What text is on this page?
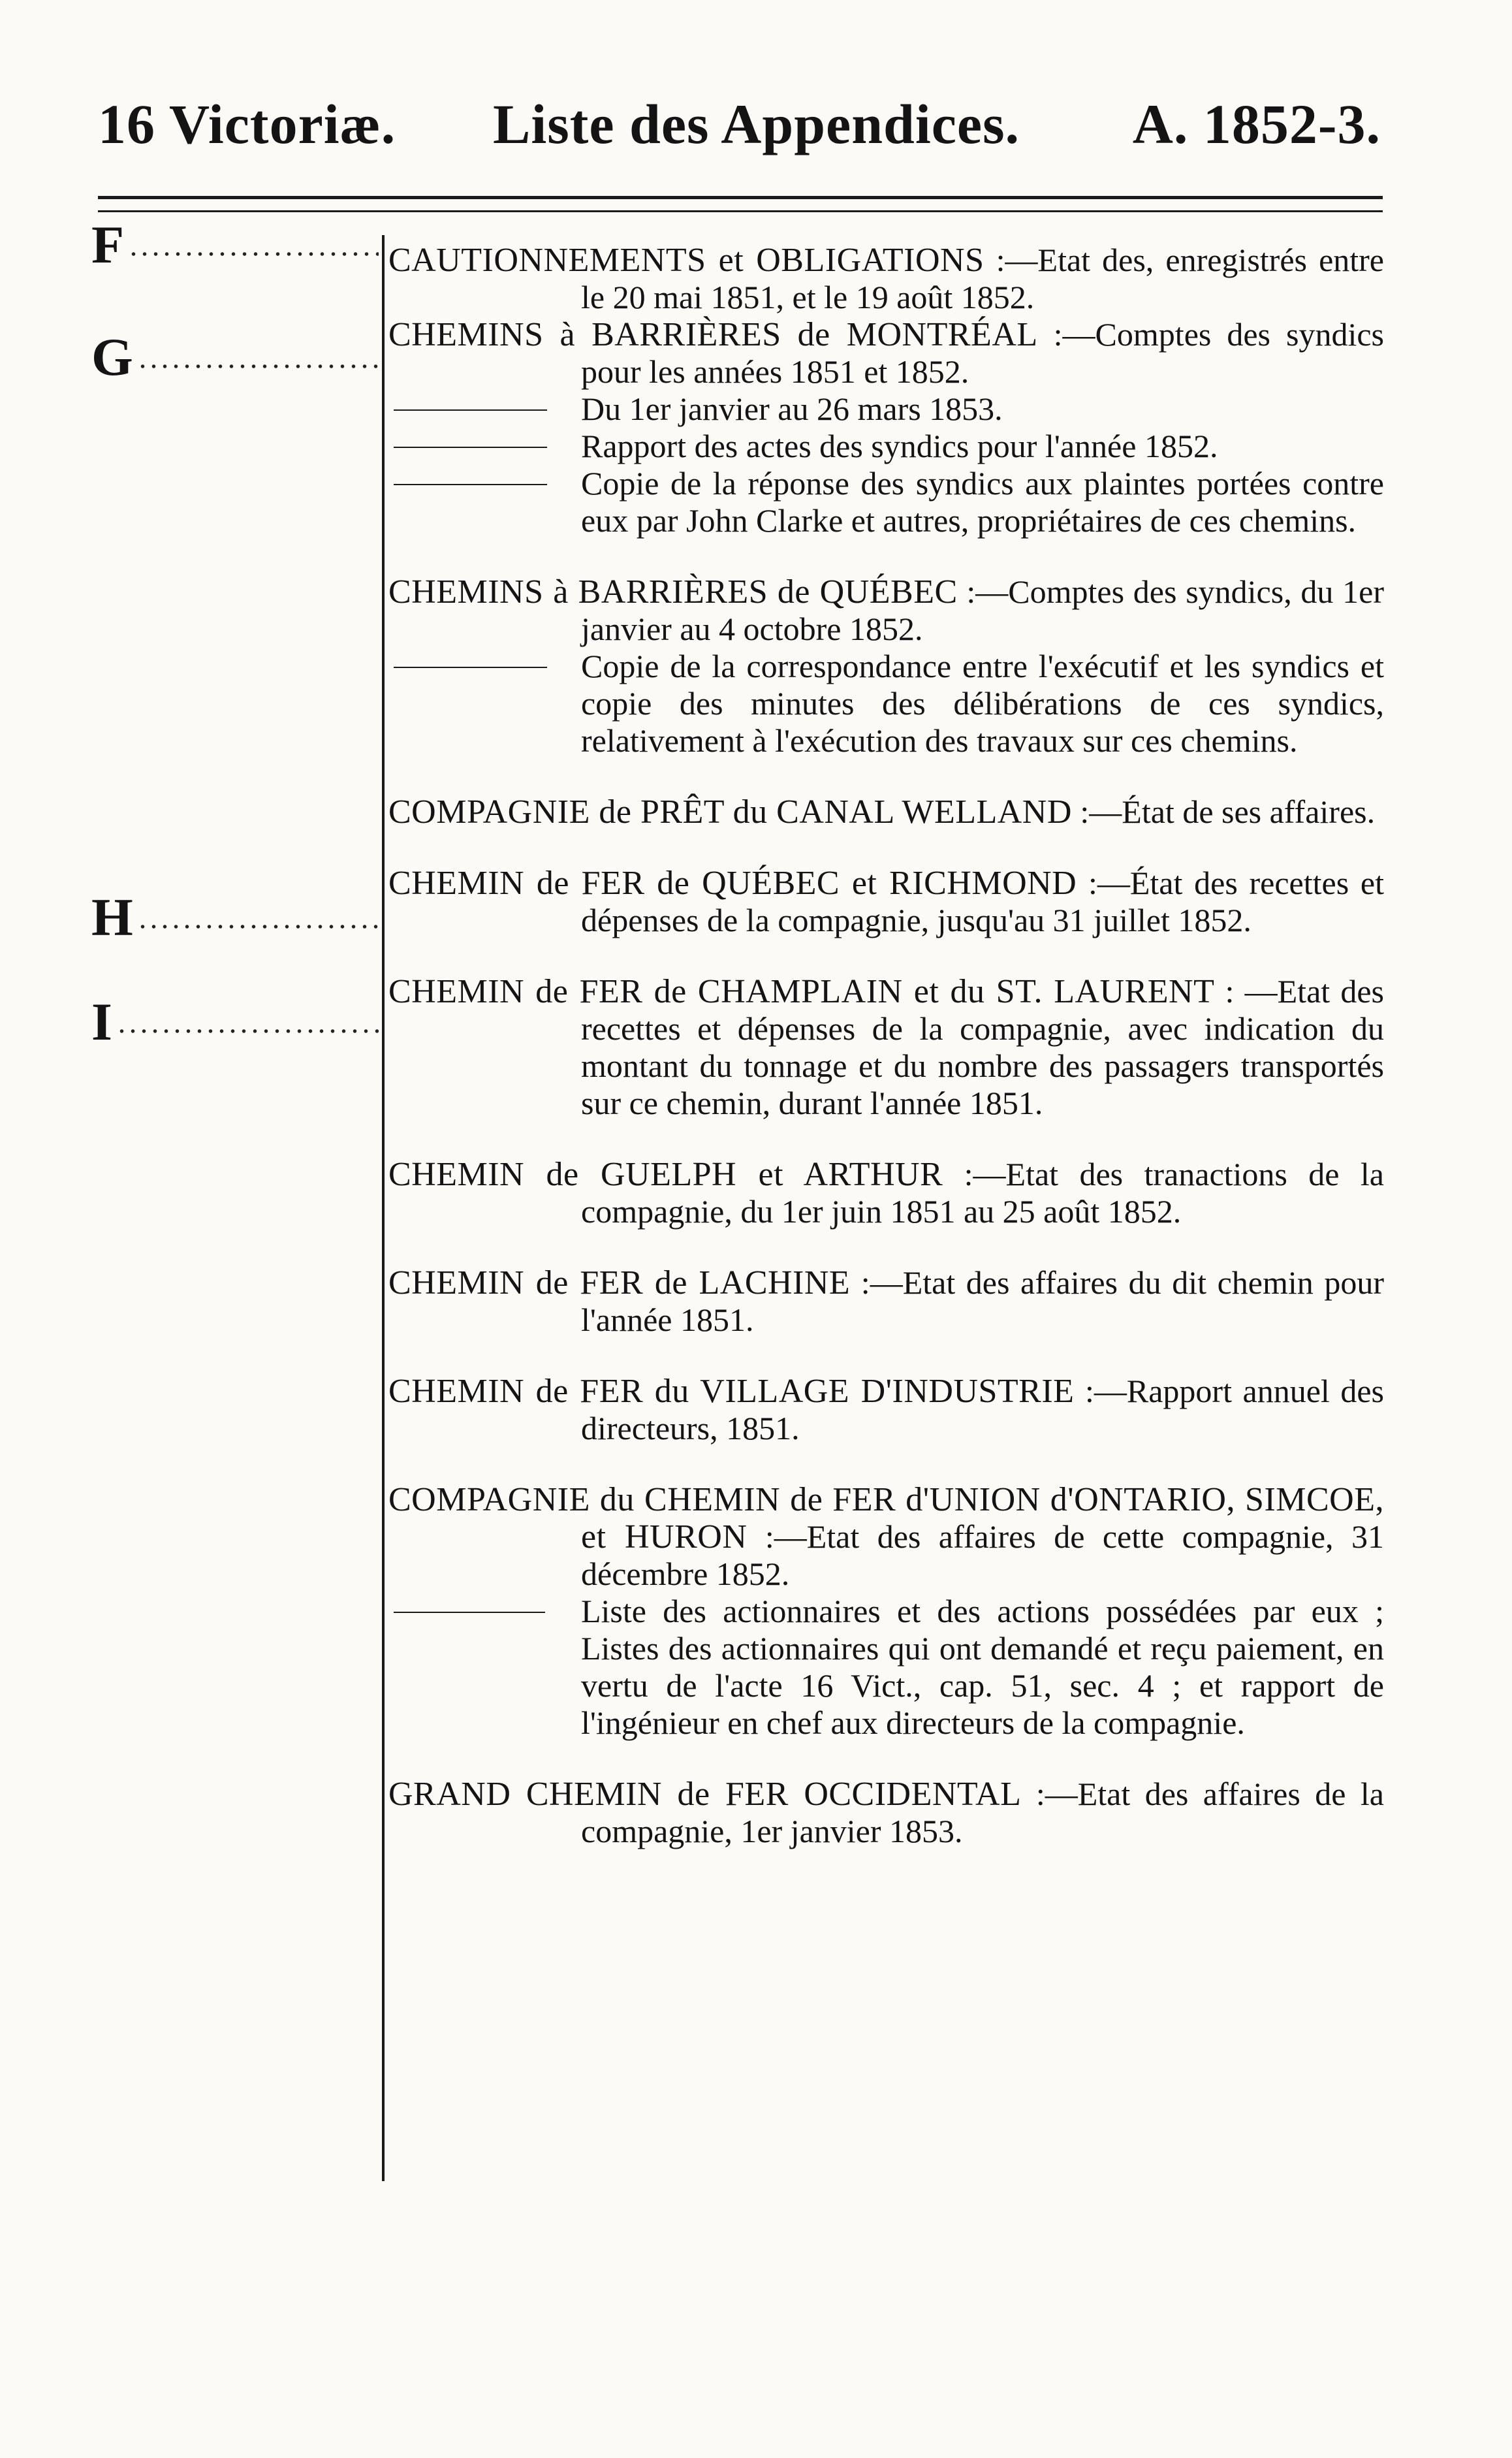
16 Victoriæ. Liste des Appendices. A. 1852-3.
F
G
H
I

CAUTIONNEMENTS et OBLIGATIONS :—Etat des, enregistrés entre le 20 mai 1851, et le 19 août 1852.

CHEMINS à BARRIÈRES de MONTRÉAL :—Comptes des syndics pour les années 1851 et 1852.

Du 1er janvier au 26 mars 1853.

Rapport des actes des syndics pour l'année 1852.

Copie de la réponse des syndics aux plaintes portées contre eux par John Clarke et autres, propriétaires de ces chemins.

CHEMINS à BARRIÈRES de QUÉBEC :—Comptes des syndics, du 1er janvier au 4 octobre 1852.

Copie de la correspondance entre l'exécutif et les syndics et copie des minutes des délibérations de ces syndics, relativement à l'exécution des travaux sur ces chemins.

COMPAGNIE de PRÊT du CANAL WELLAND :—État de ses affaires.

CHEMIN de FER de QUÉBEC et RICHMOND :—État des recettes et dépenses de la compagnie, jusqu'au 31 juillet 1852.

CHEMIN de FER de CHAMPLAIN et du ST. LAURENT : —Etat des recettes et dépenses de la compagnie, avec indication du montant du tonnage et du nombre des passagers transportés sur ce chemin, durant l'année 1851.

CHEMIN de GUELPH et ARTHUR :—Etat des tranactions de la compagnie, du 1er juin 1851 au 25 août 1852.

CHEMIN de FER de LACHINE :—Etat des affaires du dit chemin pour l'année 1851.

CHEMIN de FER du VILLAGE D'INDUSTRIE :—Rapport annuel des directeurs, 1851.

COMPAGNIE du CHEMIN de FER d'UNION d'ONTARIO, SIMCOE, et HURON :—Etat des affaires de cette compagnie, 31 décembre 1852.

Liste des actionnaires et des actions possédées par eux ; Listes des actionnaires qui ont demandé et reçu paiement, en vertu de l'acte 16 Vict., cap. 51, sec. 4 ; et rapport de l'ingénieur en chef aux directeurs de la compagnie.

GRAND CHEMIN de FER OCCIDENTAL :—Etat des affaires de la compagnie, 1er janvier 1853.
